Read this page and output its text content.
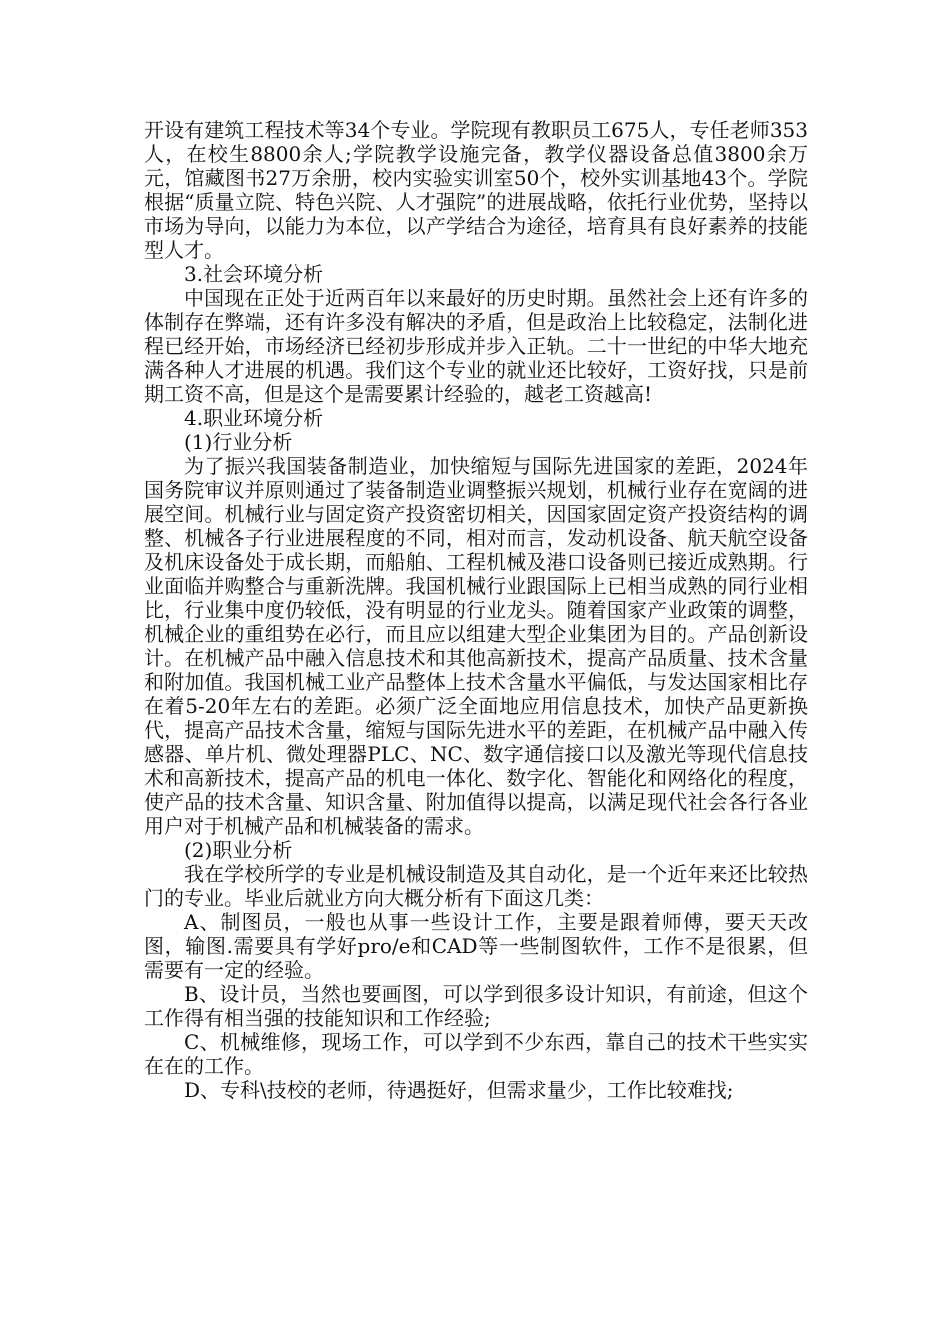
开设有建筑工程技术等34个专业。学院现有教职员工675人，专任老师353人，在校生8800余人;学院教学设施完备，教学仪器设备总值3800余万元，馆藏图书27万余册，校内实验实训室50个，校外实训基地43个。学院根据“质量立院、特色兴院、人才强院”的进展战略，依托行业优势，坚持以市场为导向，以能力为本位，以产学结合为途径，培育具有良好素养的技能型人才。

3.社会环境分析

中国现在正处于近两百年以来最好的历史时期。虽然社会上还有许多的体制存在弊端，还有许多没有解决的矛盾，但是政治上比较稳定，法制化进程已经开始，市场经济已经初步形成并步入正轨。二十一世纪的中华大地充满各种人才进展的机遇。我们这个专业的就业还比较好，工资好找，只是前期工资不高，但是这个是需要累计经验的，越老工资越高!

4.职业环境分析

(1)行业分析

为了振兴我国装备制造业，加快缩短与国际先进国家的差距，2024年国务院审议并原则通过了装备制造业调整振兴规划，机械行业存在宽阔的进展空间。机械行业与固定资产投资密切相关，因国家固定资产投资结构的调整、机械各子行业进展程度的不同，相对而言，发动机设备、航天航空设备及机床设备处于成长期，而船舶、工程机械及港口设备则已接近成熟期。行业面临并购整合与重新洗牌。我国机械行业跟国际上已相当成熟的同行业相比，行业集中度仍较低，没有明显的行业龙头。随着国家产业政策的调整，机械企业的重组势在必行，而且应以组建大型企业集团为目的。产品创新设计。在机械产品中融入信息技术和其他高新技术，提高产品质量、技术含量和附加值。我国机械工业产品整体上技术含量水平偏低，与发达国家相比存在着5-20年左右的差距。必须广泛全面地应用信息技术，加快产品更新换代，提高产品技术含量，缩短与国际先进水平的差距，在机械产品中融入传感器、单片机、微处理器PLC、NC、数字通信接口以及激光等现代信息技术和高新技术，提高产品的机电一体化、数字化、智能化和网络化的程度，使产品的技术含量、知识含量、附加值得以提高，以满足现代社会各行各业用户对于机械产品和机械装备的需求。

(2)职业分析

我在学校所学的专业是机械设制造及其自动化，是一个近年来还比较热门的专业。毕业后就业方向大概分析有下面这几类：

A、制图员，一般也从事一些设计工作，主要是跟着师傅，要天天改图，输图.需要具有学好pro/e和CAD等一些制图软件，工作不是很累，但需要有一定的经验。

B、设计员，当然也要画图，可以学到很多设计知识，有前途，但这个工作得有相当强的技能知识和工作经验;

C、机械维修，现场工作，可以学到不少东西，靠自己的技术干些实实在在的工作。

D、专科\技校的老师，待遇挺好，但需求量少，工作比较难找;
